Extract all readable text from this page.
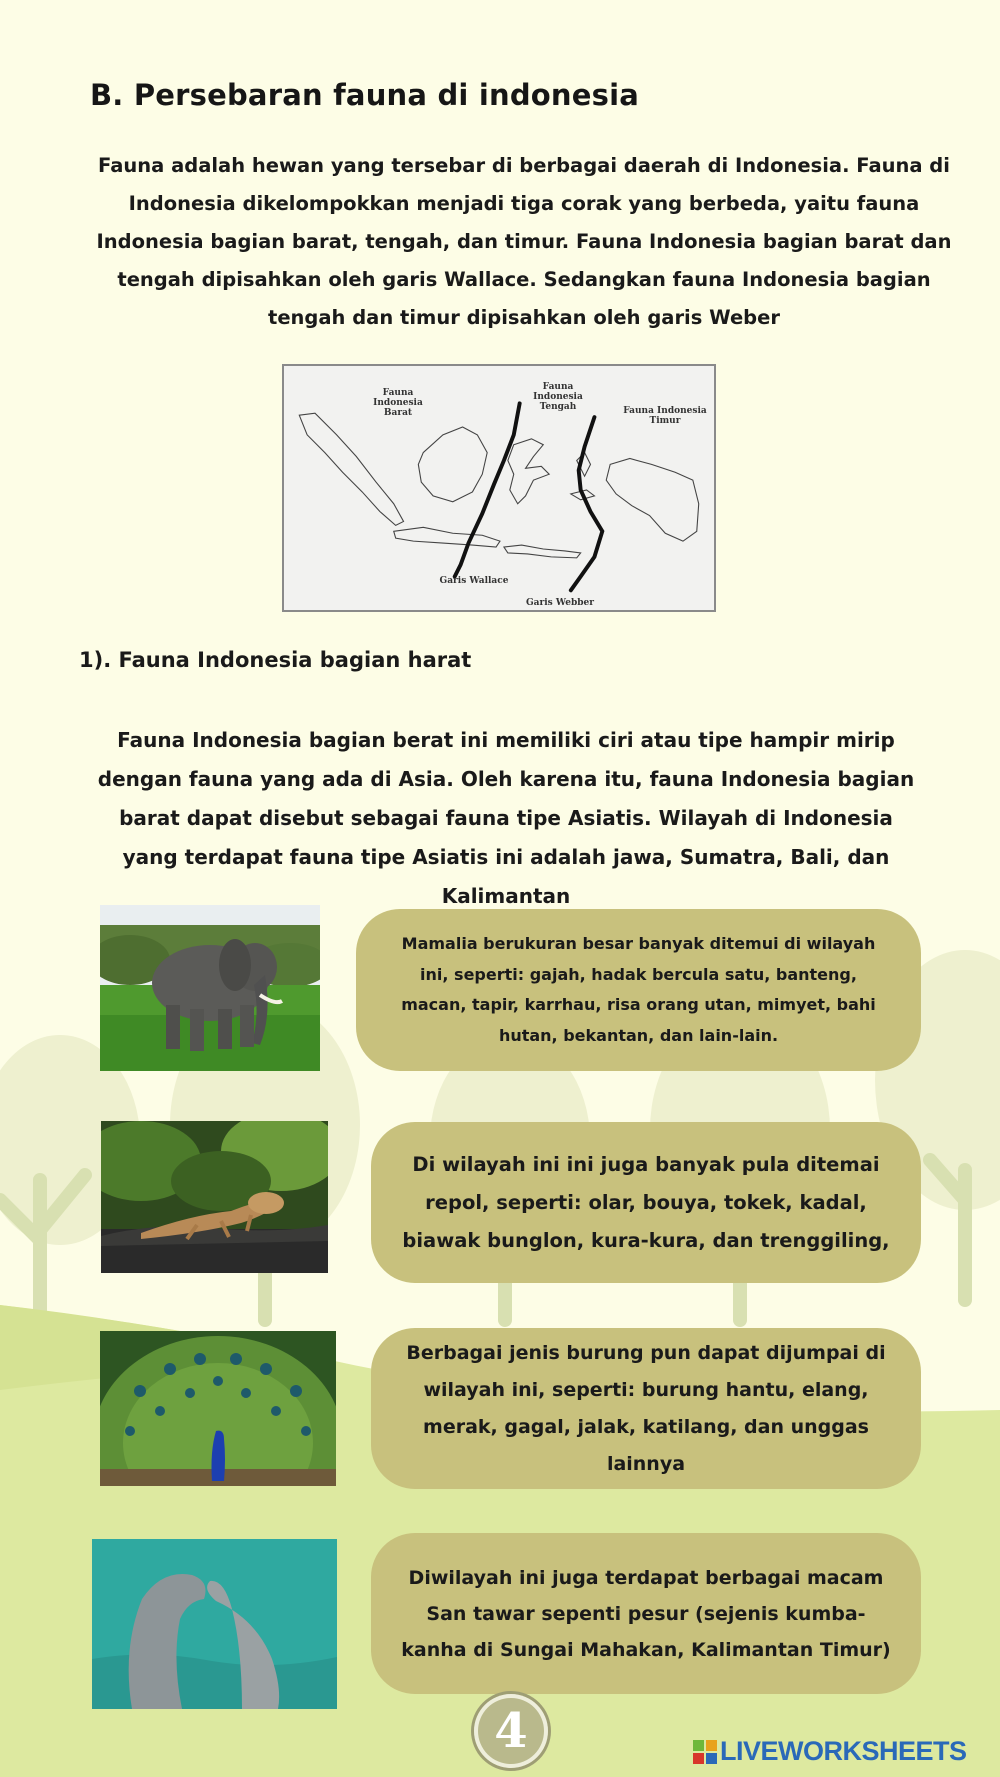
B. Persebaran fauna di indonesia
Fauna adalah hewan yang tersebar di berbagai daerah di Indonesia. Fauna di Indonesia dikelompokkan menjadi tiga corak yang berbeda, yaitu fauna Indonesia bagian barat, tengah, dan timur. Fauna Indonesia bagian barat dan tengah dipisahkan oleh garis Wallace. Sedangkan fauna Indonesia bagian tengah dan timur dipisahkan oleh garis Weber
Fauna Indonesia Barat
Fauna Indonesia Tengah	Fauna Indonesia Timur
Garis Wallace
Garis Webber
1). Fauna Indonesia bagian harat
Fauna Indonesia bagian berat ini memiliki ciri atau tipe hampir mirip dengan fauna yang ada di Asia. Oleh karena itu, fauna Indonesia bagian barat dapat disebut sebagai fauna tipe Asiatis. Wilayah di Indonesia yang terdapat fauna tipe Asiatis ini adalah jawa, Sumatra, Bali, dan Kalimantan
Mamalia berukuran besar banyak ditemui di wilayah ini, seperti: gajah, hadak bercula satu, banteng, macan, tapir, karrhau, risa orang utan, mimyet, bahi hutan, bekantan, dan lain-lain.
Di wilayah ini ini juga banyak pula ditemai repol, seperti: olar, bouya, tokek, kadal, biawak bunglon, kura-kura, dan trenggiling,
Berbagai jenis burung pun dapat dijumpai di wilayah ini, seperti: burung hantu, elang, merak, gagal, jalak, katilang, dan unggas lainnya
Diwilayah ini juga terdapat berbagai macam San tawar sepenti pesur (sejenis kumba-kanha di Sungai Mahakan, Kalimantan Timur)
4	LIVEWORKSHEETS
